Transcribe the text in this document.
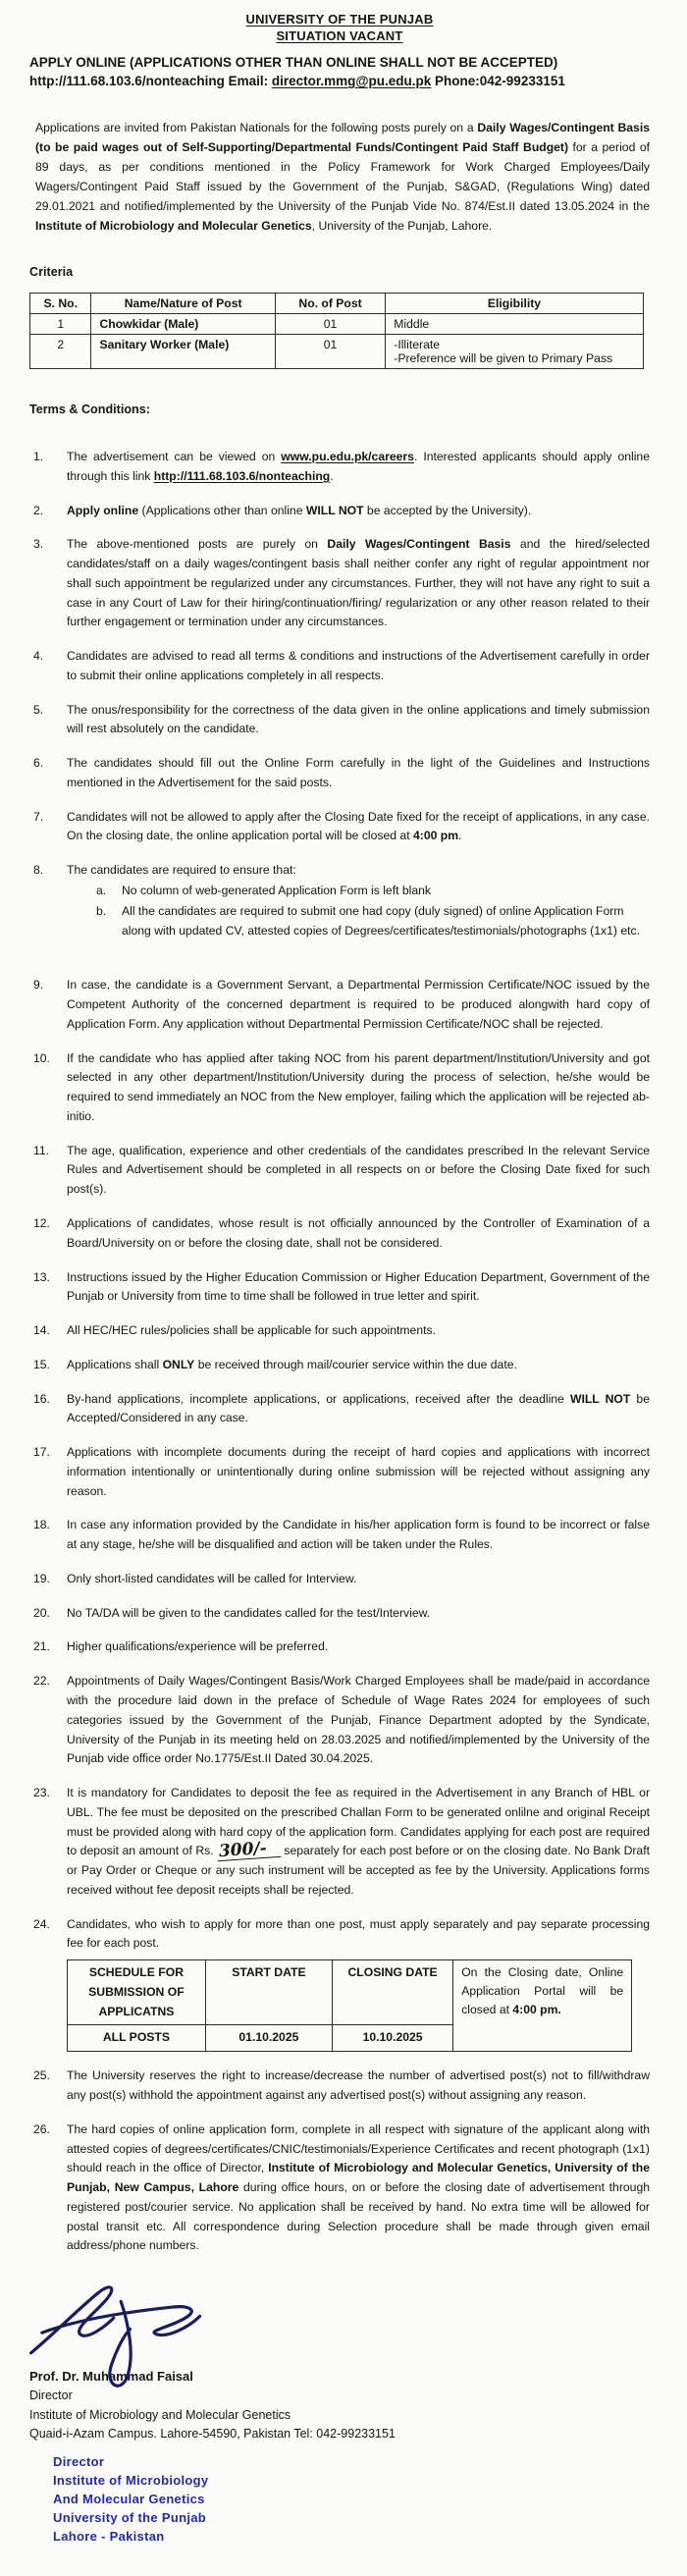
UNIVERSITY OF THE PUNJAB
SITUATION VACANT
APPLY ONLINE (APPLICATIONS OTHER THAN ONLINE SHALL NOT BE ACCEPTED)
http://111.68.103.6/nonteaching Email: director.mmg@pu.edu.pk Phone:042-99233151

Applications are invited from Pakistan Nationals for the following posts purely on a Daily Wages/Contingent Basis (to be paid wages out of Self-Supporting/Departmental Funds/Contingent Paid Staff Budget) for a period of 89 days, as per conditions mentioned in the Policy Framework for Work Charged Employees/Daily Wagers/Contingent Paid Staff issued by the Government of the Punjab, S&GAD, (Regulations Wing) dated 29.01.2021 and notified/implemented by the University of the Punjab Vide No. 874/Est.II dated 13.05.2024 in the Institute of Microbiology and Molecular Genetics, University of the Punjab, Lahore.

Criteria
S. No.	Name/Nature of Post	No. of Post	Eligibility
1	Chowkidar (Male)	01	Middle

2	Sanitary Worker (Male)	01	-Illiterate
-Preference will be given to Primary Pass
Terms & Conditions:
1.	The advertisement can be viewed on www.pu.edu.pk/careers. Interested applicants should apply online through this link http://111.68.103.6/nonteaching.
2.	Apply online (Applications other than online WILL NOT be accepted by the University).
3.	The above-mentioned posts are purely on Daily Wages/Contingent Basis and the hired/selected candidates/staff on a daily wages/contingent basis shall neither confer any right of regular appointment nor shall such appointment be regularized under any circumstances. Further, they will not have any right to suit a case in any Court of Law for their hiring/continuation/firing/ regularization or any other reason related to their further engagement or termination under any circumstances.
4.	Candidates are advised to read all terms & conditions and instructions of the Advertisement carefully in order to submit their online applications completely in all respects.
5.	The onus/responsibility for the correctness of the data given in the online applications and timely submission will rest absolutely on the candidate.
6.	The candidates should fill out the Online Form carefully in the light of the Guidelines and Instructions mentioned in the Advertisement for the said posts.
7.	Candidates will not be allowed to apply after the Closing Date fixed for the receipt of applications, in any case. On the closing date, the online application portal will be closed at 4:00 pm.
8.	The candidates are required to ensure that:
a.	No column of web-generated Application Form is left blank
b.	All the candidates are required to submit one had copy (duly signed) of online Application Form along with updated CV, attested copies of Degrees/certificates/testimonials/photographs (1x1) etc.
9.	In case, the candidate is a Government Servant, a Departmental Permission Certificate/NOC issued by the Competent Authority of the concerned department is required to be produced alongwith hard copy of Application Form. Any application without Departmental Permission Certificate/NOC shall be rejected.
10.	If the candidate who has applied after taking NOC from his parent department/Institution/University and got selected in any other department/Institution/University during the process of selection, he/she would be required to send immediately an NOC from the New employer, failing which the application will be rejected ab-initio.
11.	The age, qualification, experience and other credentials of the candidates prescribed In the relevant Service Rules and Advertisement should be completed in all respects on or before the Closing Date fixed for such post(s).
12.	Applications of candidates, whose result is not officially announced by the Controller of Examination of a Board/University on or before the closing date, shall not be considered.
13.	Instructions issued by the Higher Education Commission or Higher Education Department, Government of the Punjab or University from time to time shall be followed in true letter and spirit.
14.	All HEC/HEC rules/policies shall be applicable for such appointments.
15.	Applications shall ONLY be received through mail/courier service within the due date.
16.	By-hand applications, incomplete applications, or applications, received after the deadline WILL NOT be Accepted/Considered in any case.
17.	Applications with incomplete documents during the receipt of hard copies and applications with incorrect information intentionally or unintentionally during online submission will be rejected without assigning any reason.
18.	In case any information provided by the Candidate in his/her application form is found to be incorrect or false at any stage, he/she will be disqualified and action will be taken under the Rules.
19.	Only short-listed candidates will be called for Interview.
20.	No TA/DA will be given to the candidates called for the test/Interview.
21.	Higher qualifications/experience will be preferred.
22.	Appointments of Daily Wages/Contingent Basis/Work Charged Employees shall be made/paid in accordance with the procedure laid down in the preface of Schedule of Wage Rates 2024 for employees of such categories issued by the Government of the Punjab, Finance Department adopted by the Syndicate, University of the Punjab in its meeting held on 28.03.2025 and notified/implemented by the University of the Punjab vide office order No.1775/Est.II Dated 30.04.2025.
23.	It is mandatory for Candidates to deposit the fee as required in the Advertisement in any Branch of HBL or UBL. The fee must be deposited on the prescribed Challan Form to be generated onlilne and original Receipt must be provided along with hard copy of the application form. Candidates applying for each post are required to deposit an amount of Rs. 300/- separately for each post before or on the closing date. No Bank Draft or Pay Order or Cheque or any such instrument will be accepted as fee by the University. Applications forms received without fee deposit receipts shall be rejected.
24.	Candidates, who wish to apply for more than one post, must apply separately and pay separate processing fee for each post.
SCHEDULE FOR
SUBMISSION OF
APPLICATNS	START DATE	CLOSING DATE	On the Closing date, Online Application Portal will be closed at 4:00 pm.
ALL POSTS	01.10.2025	10.10.2025	
25.	The University reserves the right to increase/decrease the number of advertised post(s) not to fill/withdraw any post(s) withhold the appointment against any advertised post(s) without assigning any reason.
26.	The hard copies of online application form, complete in all respect with signature of the applicant along with attested copies of degrees/certificates/CNIC/testimonials/Experience Certificates and recent photograph (1x1) should reach in the office of Director, Institute of Microbiology and Molecular Genetics, University of the Punjab, New Campus, Lahore during office hours, on or before the closing date of advertisement through registered post/courier service. No application shall be received by hand. No extra time will be allowed for postal transit etc. All correspondence during Selection procedure shall be made through given email address/phone numbers.
Prof. Dr. Muhammad Faisal
Director
Institute of Microbiology and Molecular Genetics
Quaid-i-Azam Campus. Lahore-54590, Pakistan Tel: 042-99233151
Director
Institute of Microbiology
And Molecular Genetics
University of the Punjab
Lahore - Pakistan
